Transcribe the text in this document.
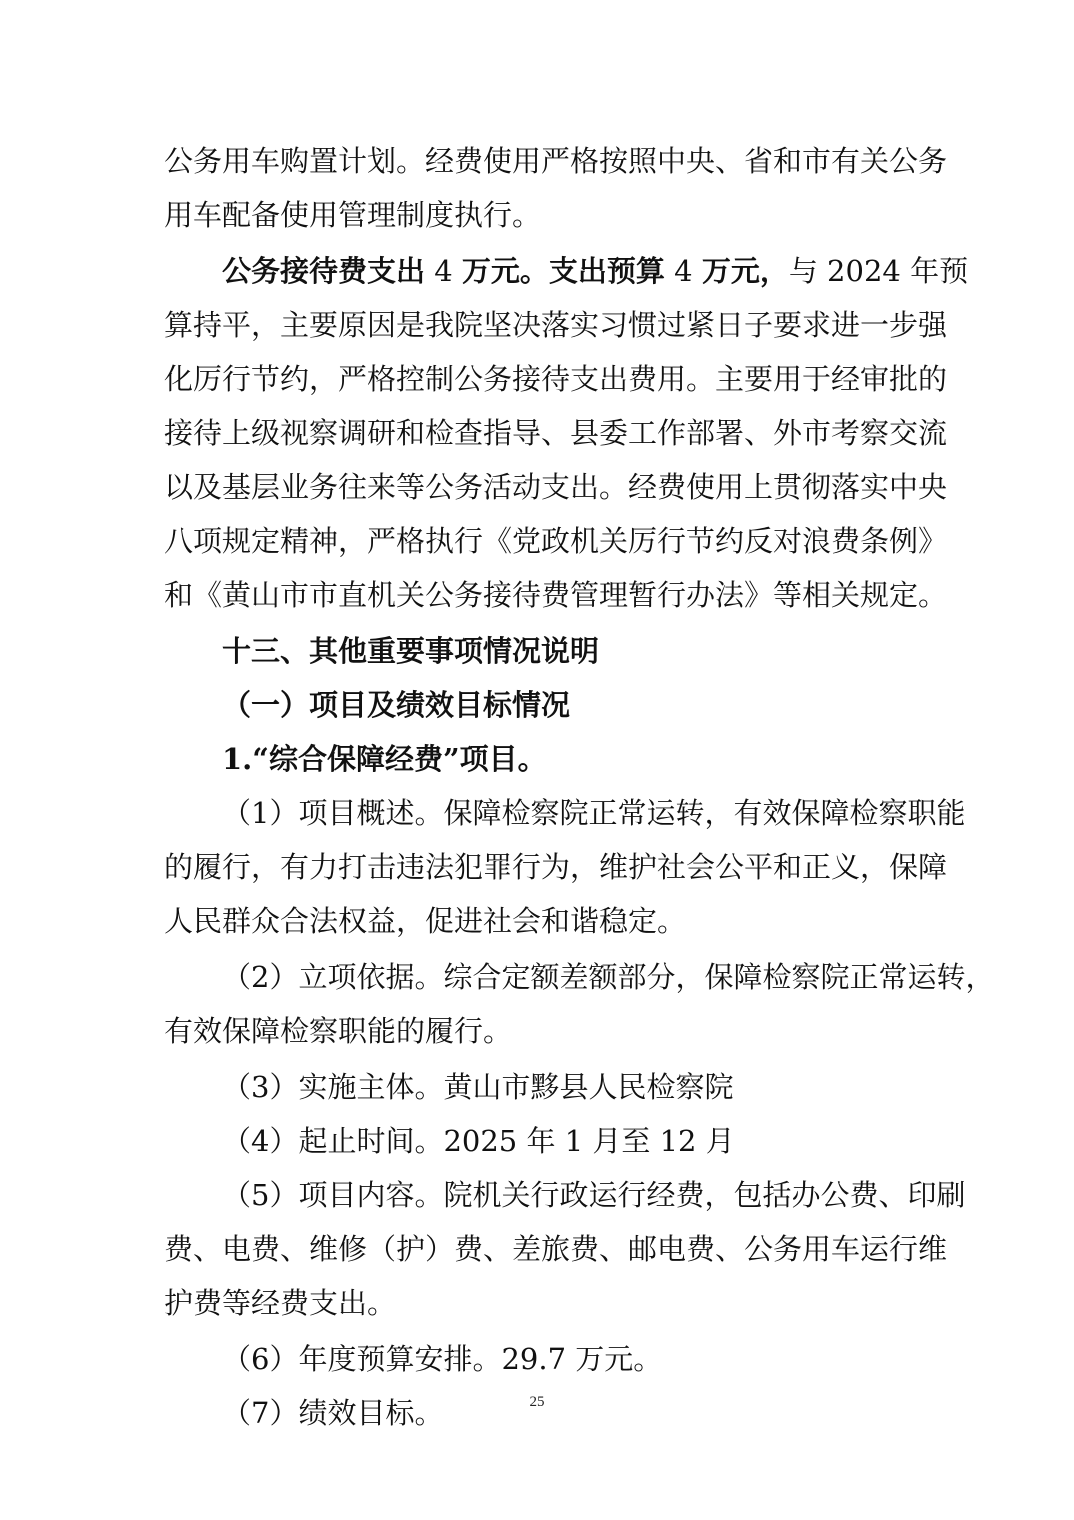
公务用车购置计划。经费使用严格按照中央、省和市有关公务
用车配备使用管理制度执行。
公务接待费支出 4 万元。支出预算 4 万元，与 2024 年预
算持平，主要原因是我院坚决落实习惯过紧日子要求进一步强
化厉行节约，严格控制公务接待支出费用。主要用于经审批的
接待上级视察调研和检查指导、县委工作部署、外市考察交流
以及基层业务往来等公务活动支出。经费使用上贯彻落实中央
八项规定精神，严格执行《党政机关厉行节约反对浪费条例》
和《黄山市市直机关公务接待费管理暂行办法》等相关规定。
十三、其他重要事项情况说明
（一）项目及绩效目标情况
1.“综合保障经费”项目。
（1）项目概述。保障检察院正常运转，有效保障检察职能
的履行，有力打击违法犯罪行为，维护社会公平和正义，保障
人民群众合法权益，促进社会和谐稳定。
（2）立项依据。综合定额差额部分，保障检察院正常运转，
有效保障检察职能的履行。
（3）实施主体。黄山市黟县人民检察院
（4）起止时间。2025 年 1 月至 12 月
（5）项目内容。院机关行政运行经费，包括办公费、印刷
费、电费、维修（护）费、差旅费、邮电费、公务用车运行维
护费等经费支出。
（6）年度预算安排。29.7 万元。
（7）绩效目标。	25
